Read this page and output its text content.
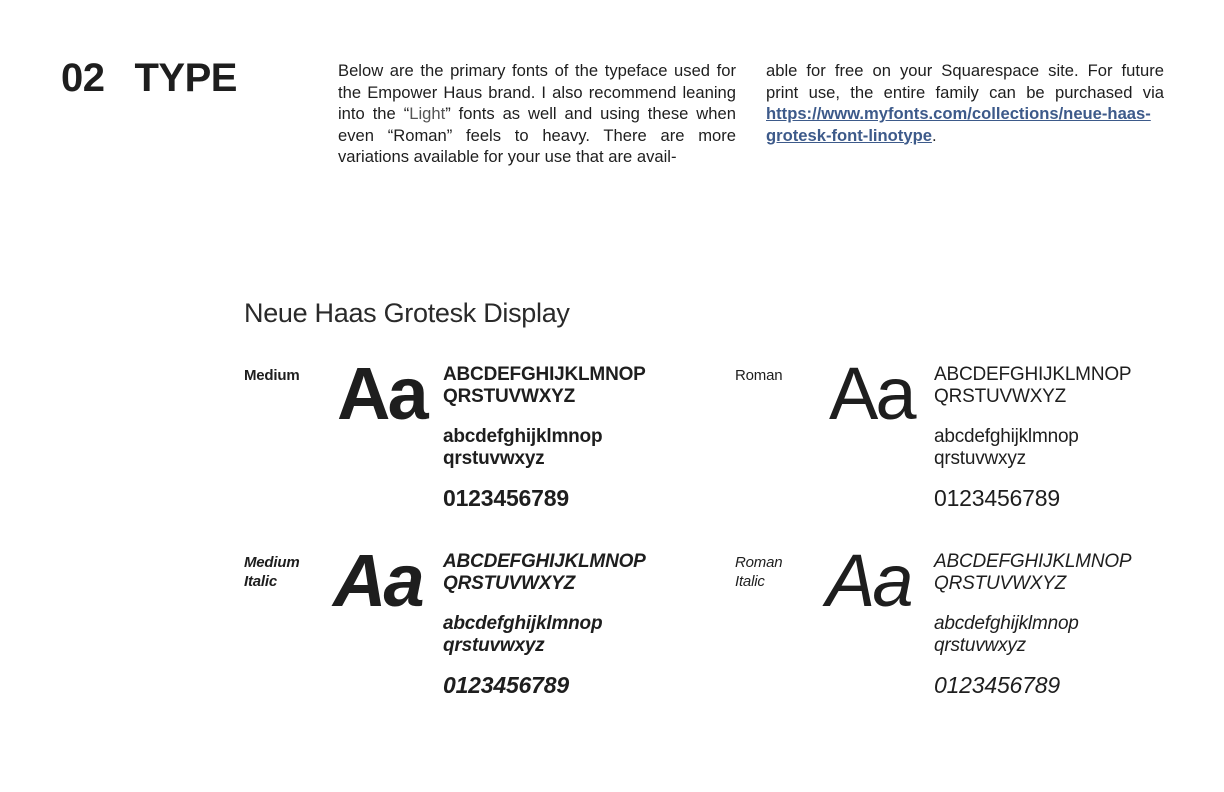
02 TYPE	Below are the primary fonts of the typeface used for the Empower Haus brand. I also recommend leaning into the “Light” fonts as well and using these when even “Roman” feels to heavy. There are more variations available for your use that are avail-
able for free on your Squarespace site. For future print use, the entire family can be purchased via https://www.myfonts.com/collections/neue-haas-grotesk-font-linotype.
Neue Haas Grotesk Display
Medium Aa ABCDEFGHIJKLMNOP
QRSTUVWXYZ
abcdefghijklmnop
qrstuvwxyz
0123456789
Roman Aa ABCDEFGHIJKLMNOP
QRSTUVWXYZ
abcdefghijklmnop
qrstuvwxyz
0123456789
Medium
Italic Aa ABCDEFGHIJKLMNOP
QRSTUVWXYZ
abcdefghijklmnop
qrstuvwxyz
0123456789
Roman
Italic Aa ABCDEFGHIJKLMNOP
QRSTUVWXYZ
abcdefghijklmnop
qrstuvwxyz
0123456789
